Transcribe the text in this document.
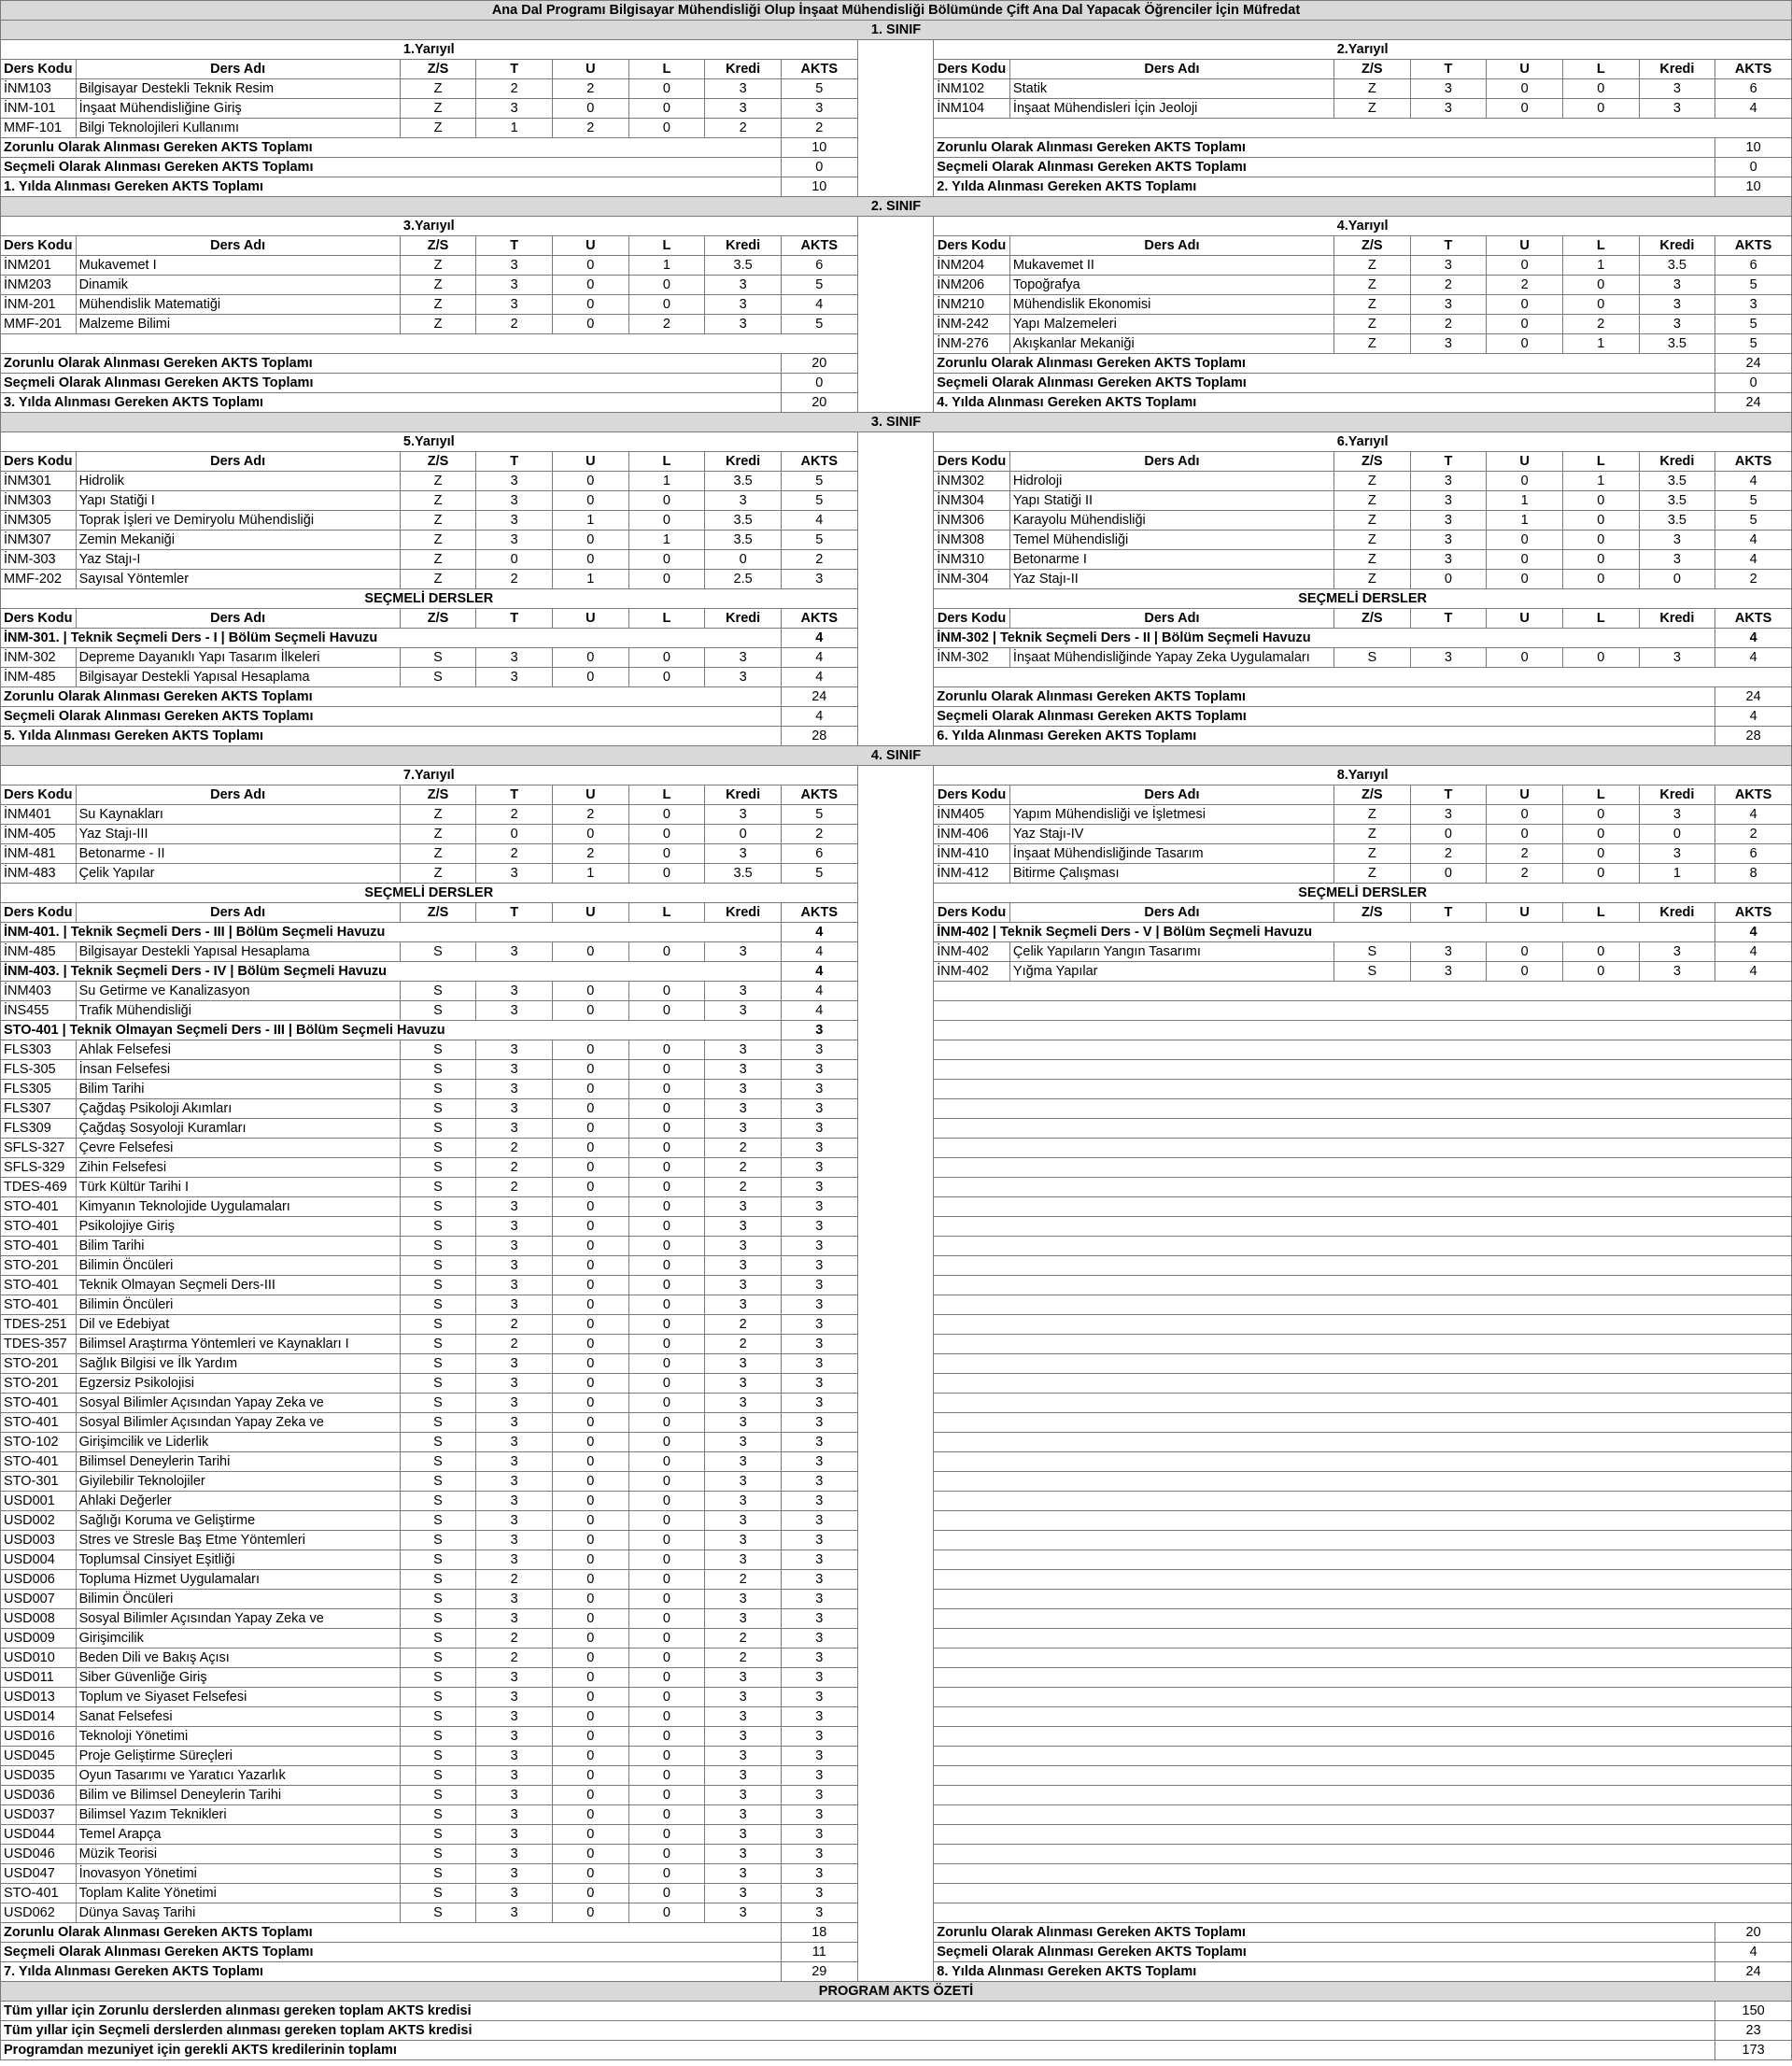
Ana Dal Programı Bilgisayar Mühendisliği Olup İnşaat Mühendisliği Bölümünde Çift Ana Dal Yapacak Öğrenciler İçin Müfredat																
1. SINIF																
1.Yarıyıl									2.Yarıyıl							
Ders Kodu	Ders Adı	Z/S	T	U	L	Kredi	AKTS		Ders Kodu	Ders Adı	Z/S	T	U	L	Kredi	AKTS
İNM103	Bilgisayar Destekli Teknik Resim	Z	2	2	0	3	5		İNM102	Statik	Z	3	0	0	3	6
İNM-101	İnşaat Mühendisliğine Giriş	Z	3	0	0	3	3		İNM104	İnşaat Mühendisleri İçin Jeoloji	Z	3	0	0	3	4
MMF-101	Bilgi Teknolojileri Kullanımı	Z	1	2	0	2	2									
Zorunlu Olarak Alınması Gereken AKTS Toplamı							10		Zorunlu Olarak Alınması Gereken AKTS Toplamı							10
Seçmeli Olarak Alınması Gereken AKTS Toplamı							0		Seçmeli Olarak Alınması Gereken AKTS Toplamı							0
1. Yılda Alınması Gereken AKTS Toplamı							10		2. Yılda Alınması Gereken AKTS Toplamı							10
2. SINIF																
3.Yarıyıl									4.Yarıyıl							
Ders Kodu	Ders Adı	Z/S	T	U	L	Kredi	AKTS		Ders Kodu	Ders Adı	Z/S	T	U	L	Kredi	AKTS
İNM201	Mukavemet I	Z	3	0	1	3.5	6		İNM204	Mukavemet II	Z	3	0	1	3.5	6
İNM203	Dinamik	Z	3	0	0	3	5		İNM206	Topoğrafya	Z	2	2	0	3	5
İNM-201	Mühendislik Matematiği	Z	3	0	0	3	4		İNM210	Mühendislik Ekonomisi	Z	3	0	0	3	3
MMF-201	Malzeme Bilimi	Z	2	0	2	3	5		İNM-242	Yapı Malzemeleri	Z	2	0	2	3	5
									İNM-276	Akışkanlar Mekaniği	Z	3	0	1	3.5	5
Zorunlu Olarak Alınması Gereken AKTS Toplamı							20		Zorunlu Olarak Alınması Gereken AKTS Toplamı							24
Seçmeli Olarak Alınması Gereken AKTS Toplamı							0		Seçmeli Olarak Alınması Gereken AKTS Toplamı							0
3. Yılda Alınması Gereken AKTS Toplamı							20		4. Yılda Alınması Gereken AKTS Toplamı							24
3. SINIF																
5.Yarıyıl									6.Yarıyıl							
Ders Kodu	Ders Adı	Z/S	T	U	L	Kredi	AKTS		Ders Kodu	Ders Adı	Z/S	T	U	L	Kredi	AKTS
İNM301	Hidrolik	Z	3	0	1	3.5	5		İNM302	Hidroloji	Z	3	0	1	3.5	4
İNM303	Yapı Statiği I	Z	3	0	0	3	5		İNM304	Yapı Statiği II	Z	3	1	0	3.5	5
İNM305	Toprak İşleri ve Demiryolu Mühendisliği	Z	3	1	0	3.5	4		İNM306	Karayolu Mühendisliği	Z	3	1	0	3.5	5
İNM307	Zemin Mekaniği	Z	3	0	1	3.5	5		İNM308	Temel Mühendisliği	Z	3	0	0	3	4
İNM-303	Yaz Stajı-I	Z	0	0	0	0	2		İNM310	Betonarme I	Z	3	0	0	3	4
MMF-202	Sayısal Yöntemler	Z	2	1	0	2.5	3		İNM-304	Yaz Stajı-II	Z	0	0	0	0	2
SEÇMELİ DERSLER									SEÇMELİ DERSLER							
Ders Kodu	Ders Adı	Z/S	T	U	L	Kredi	AKTS		Ders Kodu	Ders Adı	Z/S	T	U	L	Kredi	AKTS
İNM-301. | Teknik Seçmeli Ders - I | Bölüm Seçmeli Havuzu							4		İNM-302 | Teknik Seçmeli Ders - II | Bölüm Seçmeli Havuzu							4
İNM-302	Depreme Dayanıklı Yapı Tasarım İlkeleri	S	3	0	0	3	4		İNM-302	İnşaat Mühendisliğinde Yapay Zeka Uygulamaları	S	3	0	0	3	4
İNM-485	Bilgisayar Destekli Yapısal Hesaplama	S	3	0	0	3	4									
Zorunlu Olarak Alınması Gereken AKTS Toplamı							24		Zorunlu Olarak Alınması Gereken AKTS Toplamı							24
Seçmeli Olarak Alınması Gereken AKTS Toplamı							4		Seçmeli Olarak Alınması Gereken AKTS Toplamı							4
5. Yılda Alınması Gereken AKTS Toplamı							28		6. Yılda Alınması Gereken AKTS Toplamı							28
4. SINIF																
7.Yarıyıl									8.Yarıyıl							
Ders Kodu	Ders Adı	Z/S	T	U	L	Kredi	AKTS		Ders Kodu	Ders Adı	Z/S	T	U	L	Kredi	AKTS
İNM401	Su Kaynakları	Z	2	2	0	3	5		İNM405	Yapım Mühendisliği ve İşletmesi	Z	3	0	0	3	4
İNM-405	Yaz Stajı-III	Z	0	0	0	0	2		İNM-406	Yaz Stajı-IV	Z	0	0	0	0	2
İNM-481	Betonarme - II	Z	2	2	0	3	6		İNM-410	İnşaat Mühendisliğinde Tasarım	Z	2	2	0	3	6
İNM-483	Çelik Yapılar	Z	3	1	0	3.5	5		İNM-412	Bitirme Çalışması	Z	0	2	0	1	8
SEÇMELİ DERSLER									SEÇMELİ DERSLER							
Ders Kodu	Ders Adı	Z/S	T	U	L	Kredi	AKTS		Ders Kodu	Ders Adı	Z/S	T	U	L	Kredi	AKTS
İNM-401. | Teknik Seçmeli Ders - III | Bölüm Seçmeli Havuzu							4		İNM-402 | Teknik Seçmeli Ders - V | Bölüm Seçmeli Havuzu							4
İNM-485	Bilgisayar Destekli Yapısal Hesaplama	S	3	0	0	3	4		İNM-402	Çelik Yapıların Yangın Tasarımı	S	3	0	0	3	4
İNM-403. | Teknik Seçmeli Ders - IV | Bölüm Seçmeli Havuzu							4		İNM-402	Yığma Yapılar	S	3	0	0	3	4
İNM403	Su Getirme ve Kanalizasyon	S	3	0	0	3	4									
İNS455	Trafik Mühendisliği	S	3	0	0	3	4									
STO-401 | Teknik Olmayan Seçmeli Ders - III | Bölüm Seçmeli Havuzu							3									
FLS303	Ahlak Felsefesi	S	3	0	0	3	3									
FLS-305	İnsan Felsefesi	S	3	0	0	3	3									
FLS305	Bilim Tarihi	S	3	0	0	3	3									
FLS307	Çağdaş Psikoloji Akımları	S	3	0	0	3	3									
FLS309	Çağdaş Sosyoloji Kuramları	S	3	0	0	3	3									
SFLS-327	Çevre Felsefesi	S	2	0	0	2	3									
SFLS-329	Zihin Felsefesi	S	2	0	0	2	3									
TDES-469	Türk Kültür Tarihi I	S	2	0	0	2	3									
STO-401	Kimyanın Teknolojide Uygulamaları	S	3	0	0	3	3									
STO-401	Psikolojiye Giriş	S	3	0	0	3	3									
STO-401	Bilim Tarihi	S	3	0	0	3	3									
STO-201	Bilimin Öncüleri	S	3	0	0	3	3									
STO-401	Teknik Olmayan Seçmeli Ders-III	S	3	0	0	3	3									
STO-401	Bilimin Öncüleri	S	3	0	0	3	3									
TDES-251	Dil ve Edebiyat	S	2	0	0	2	3									
TDES-357	Bilimsel Araştırma Yöntemleri ve Kaynakları I	S	2	0	0	2	3									
STO-201	Sağlık Bilgisi ve İlk Yardım	S	3	0	0	3	3									
STO-201	Egzersiz Psikolojisi	S	3	0	0	3	3									
STO-401	Sosyal Bilimler Açısından Yapay Zeka ve	S	3	0	0	3	3									
STO-401	Sosyal Bilimler Açısından Yapay Zeka ve	S	3	0	0	3	3									
STO-102	Girişimcilik ve Liderlik	S	3	0	0	3	3									
STO-401	Bilimsel Deneylerin Tarihi	S	3	0	0	3	3									
STO-301	Giyilebilir Teknolojiler	S	3	0	0	3	3									
USD001	Ahlaki Değerler	S	3	0	0	3	3									
USD002	Sağlığı Koruma ve Geliştirme	S	3	0	0	3	3									
USD003	Stres ve Stresle Baş Etme Yöntemleri	S	3	0	0	3	3									
USD004	Toplumsal Cinsiyet Eşitliği	S	3	0	0	3	3									
USD006	Topluma Hizmet Uygulamaları	S	2	0	0	2	3									
USD007	Bilimin Öncüleri	S	3	0	0	3	3									
USD008	Sosyal Bilimler Açısından Yapay Zeka ve	S	3	0	0	3	3									
USD009	Girişimcilik	S	2	0	0	2	3									
USD010	Beden Dili ve Bakış Açısı	S	2	0	0	2	3									
USD011	Siber Güvenliğe Giriş	S	3	0	0	3	3									
USD013	Toplum ve Siyaset Felsefesi	S	3	0	0	3	3									
USD014	Sanat Felsefesi	S	3	0	0	3	3									
USD016	Teknoloji Yönetimi	S	3	0	0	3	3									
USD045	Proje Geliştirme Süreçleri	S	3	0	0	3	3									
USD035	Oyun Tasarımı ve Yaratıcı Yazarlık	S	3	0	0	3	3									
USD036	Bilim ve Bilimsel Deneylerin Tarihi	S	3	0	0	3	3									
USD037	Bilimsel Yazım Teknikleri	S	3	0	0	3	3									
USD044	Temel Arapça	S	3	0	0	3	3									
USD046	Müzik Teorisi	S	3	0	0	3	3									
USD047	İnovasyon Yönetimi	S	3	0	0	3	3									
STO-401	Toplam Kalite Yönetimi	S	3	0	0	3	3									
USD062	Dünya Savaş Tarihi	S	3	0	0	3	3									
Zorunlu Olarak Alınması Gereken AKTS Toplamı							18		Zorunlu Olarak Alınması Gereken AKTS Toplamı							20
Seçmeli Olarak Alınması Gereken AKTS Toplamı							11		Seçmeli Olarak Alınması Gereken AKTS Toplamı							4
7. Yılda Alınması Gereken AKTS Toplamı							29		8. Yılda Alınması Gereken AKTS Toplamı							24
PROGRAM AKTS ÖZETİ																
Tüm yıllar için Zorunlu derslerden alınması gereken toplam AKTS kredisi																150
Tüm yıllar için Seçmeli derslerden alınması gereken toplam AKTS kredisi																23
Programdan mezuniyet için gerekli AKTS kredilerinin toplamı																173
